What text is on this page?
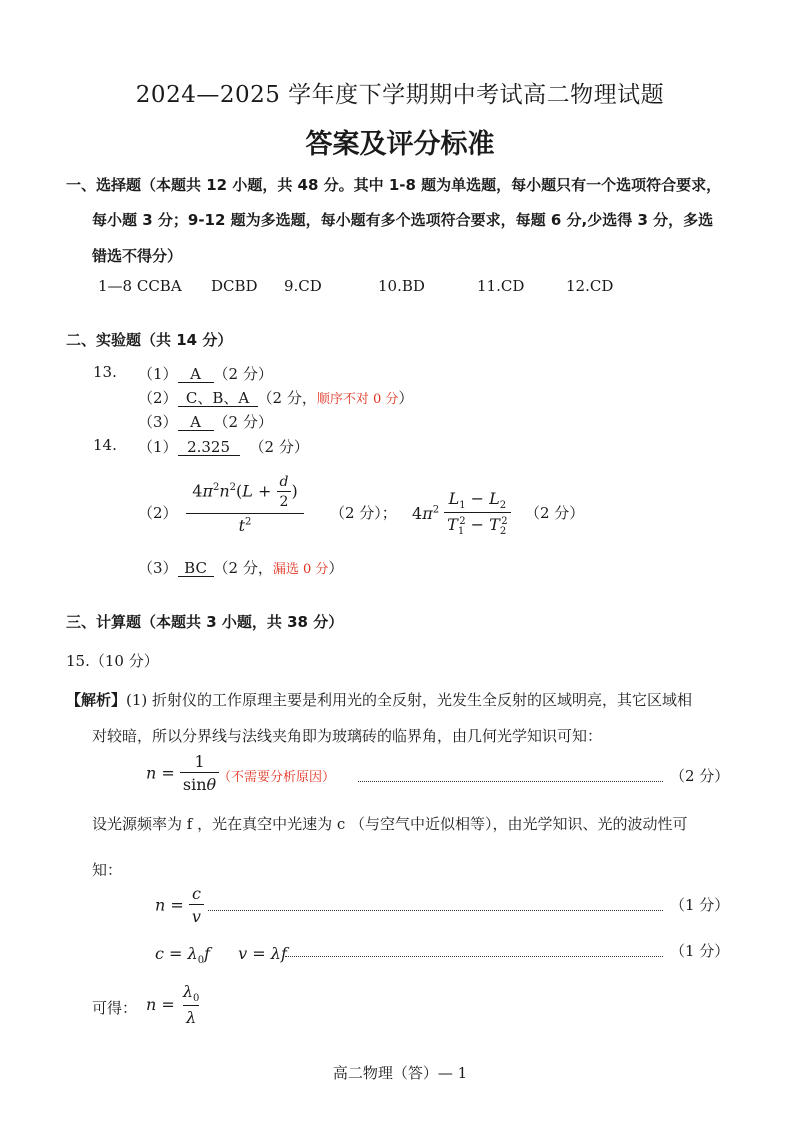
2024—2025 学年度下学期期中考试高二物理试题
答案及评分标准
一、选择题（本题共 12 小题，共 48 分。其中 1-8 题为单选题，每小题只有一个选项符合要求，
每小题 3 分；9-12 题为多选题，每小题有多个选项符合要求，每题 6 分,少选得 3 分，多选
错选不得分）
1—8 CCBA DCBD 9.CD	10.BD	11.CD	12.CD
二、实验题（共 14 分）
13. （1） A （2 分）
（2） C、B、A （2 分，顺序不对 0 分）
（3） A （2 分）
14. （1） 2.325 （2 分）
$(2) \frac{4\pi^2n^2(L + \frac{d}{2} )}{t^2} (2$ 分）； $4\pi^2 \frac{L_1 - L_2}{T_1^2 - T_2^2} (2$ 分）
（3） BC （2 分，漏选 0 分）
三、计算题（本题共 3 小题，共 38 分）
15.（10 分）
【解析】(1) 折射仪的工作原理主要是利用光的全反射，光发生全反射的区域明亮，其它区域相
对较暗，所以分界线与法线夹角即为玻璃砖的临界角，由几何光学知识可知：
$n = \frac{1}{\sin\theta}$
（不需要分析原因）	（2 分）
设光源频率为 f ，光在真空中光速为 c （与空气中近似相等），由光学知识、光的波动性可
知：
$n = \frac{c}{v}$	（1 分）
$c = \lambda_0f$ v = λf	（1 分）
可得： $n = \frac{\lambda_0}{\lambda}$
高二物理（答）— 1
